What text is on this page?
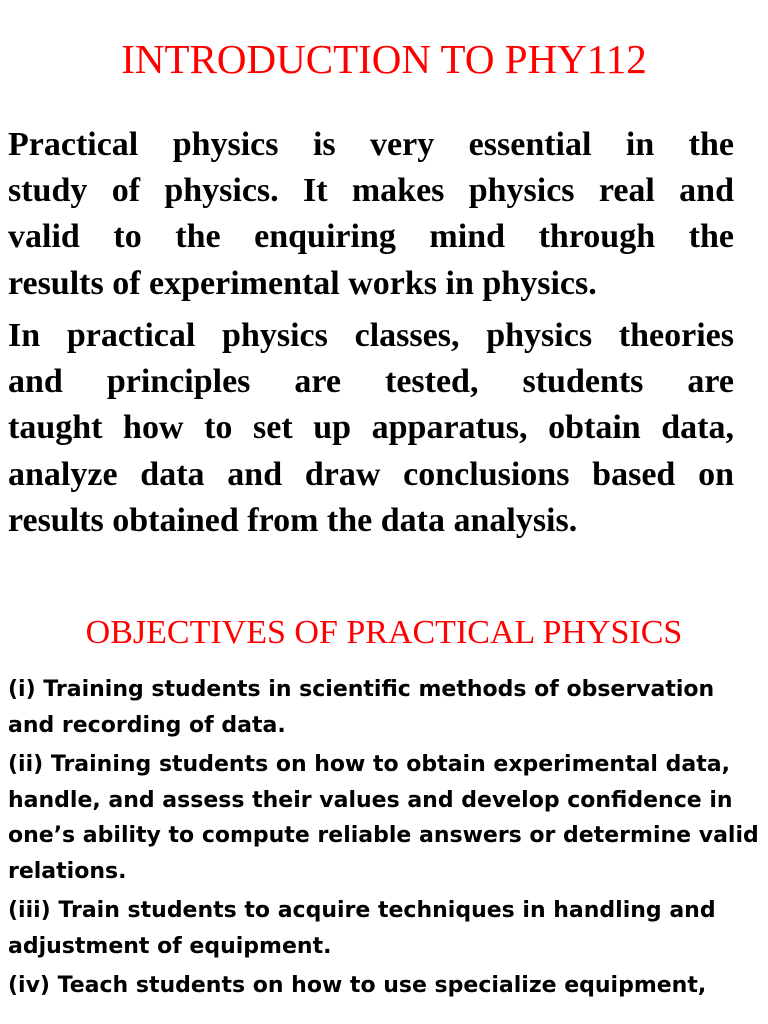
INTRODUCTION TO PHY112

Practical physics is very essential in the
study of physics. It makes physics real and
valid to the enquiring mind through the
results of experimental works in physics.

In practical physics classes, physics theories
and principles are tested, students are
taught how to set up apparatus, obtain data,
analyze data and draw conclusions based on
results obtained from the data analysis.

OBJECTIVES OF PRACTICAL PHYSICS
(i) Training students in scientific methods of observation
and recording of data.
(ii) Training students on how to obtain experimental data,
handle, and assess their values and develop confidence in
one’s ability to compute reliable answers or determine valid
relations.
(iii) Train students to acquire techniques in handling and
adjustment of equipment.
(iv) Teach students on how to use specialize equipment,
